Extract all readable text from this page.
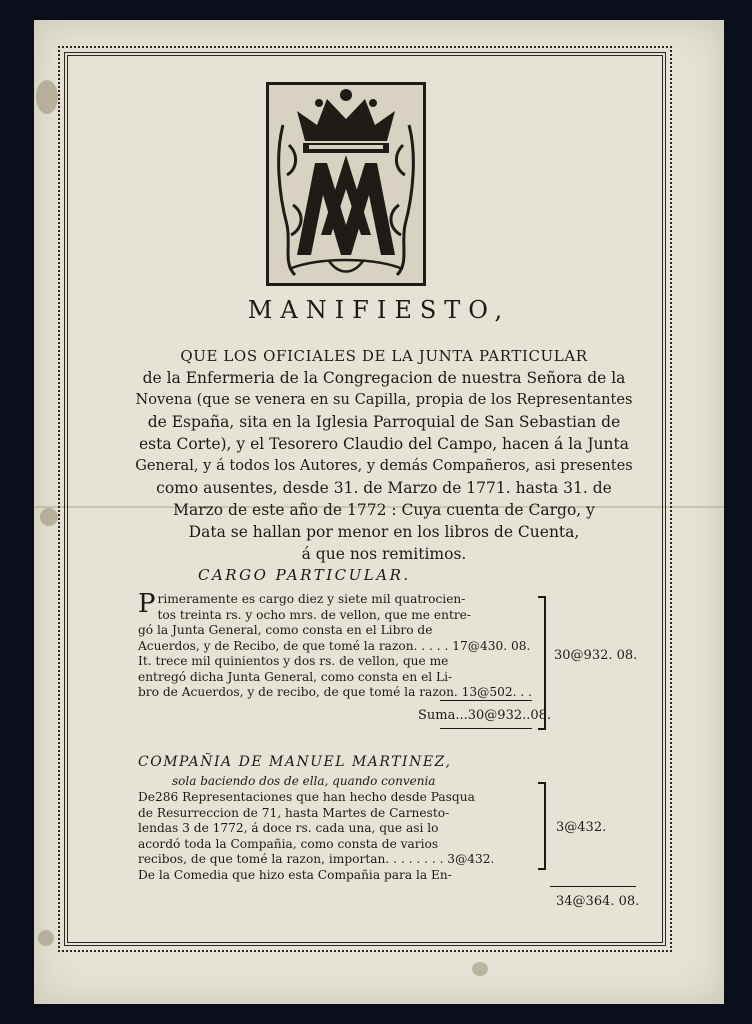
MANIFIESTO,
QUE LOS OFICIALES DE LA JUNTA PARTICULAR
de la Enfermeria de la Congregacion de nuestra Señora de la
Novena (que se venera en su Capilla, propia de los Representantes
de España, sita en la Iglesia Parroquial de San Sebastian de
esta Corte), y el Tesorero Claudio del Campo, hacen á la Junta
General, y á todos los Autores, y demás Compañeros, asi presentes
como ausentes, desde 31. de Marzo de 1771. hasta 31. de
Marzo de este año de 1772 : Cuya cuenta de Cargo, y
Data se hallan por menor en los libros de Cuenta,
á que nos remitimos.
CARGO PARTICULAR.
P rimeramente es cargo diez y siete mil quatrocien-
tos treinta rs. y ocho mrs. de vellon, que me entre-
gó la Junta General, como consta en el Libro de
Acuerdos, y de Recibo, de que tomé la razon. . . . . 17@430. 08.
It. trece mil quinientos y dos rs. de vellon, que me
entregó dicha Junta General, como consta en el Li-
bro de Acuerdos, y de recibo, de que tomé la razon. 13@502. . .
30@932. 08.
Suma...30@932..08.
COMPAÑIA DE MANUEL MARTINEZ,
sola baciendo dos de ella, quando convenia
De286 Representaciones que han hecho desde Pasqua
de Resurreccion de 71, hasta Martes de Carnesto-
lendas 3 de 1772, á doce rs. cada una, que asi lo
acordó toda la Compañia, como consta de varios
recibos, de que tomé la razon, importan. . . . . . . . 3@432.
De la Comedia que hizo esta Compañia para la En-
3@432.
34@364. 08.
